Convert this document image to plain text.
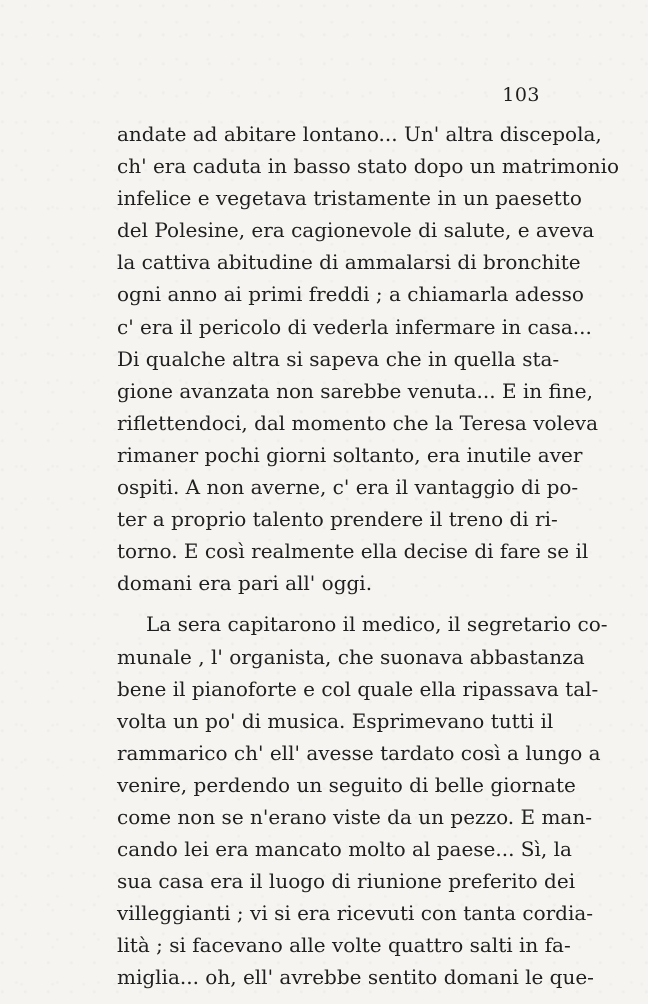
103
andate ad abitare lontano... Un' altra discepola,
ch' era caduta in basso stato dopo un matrimonio
infelice e vegetava tristamente in un paesetto
del Polesine, era cagionevole di salute, e aveva
la cattiva abitudine di ammalarsi di bronchite
ogni anno ai primi freddi ; a chiamarla adesso
c' era il pericolo di vederla infermare in casa...
Di qualche altra si sapeva che in quella sta-
gione avanzata non sarebbe venuta... E in fine,
riflettendoci, dal momento che la Teresa voleva
rimaner pochi giorni soltanto, era inutile aver
ospiti. A non averne, c' era il vantaggio di po-
ter a proprio talento prendere il treno di ri-
torno. E così realmente ella decise di fare se il
domani era pari all' oggi.
La sera capitarono il medico, il segretario co-
munale , l' organista, che suonava abbastanza
bene il pianoforte e col quale ella ripassava tal-
volta un po' di musica. Esprimevano tutti il
rammarico ch' ell' avesse tardato così a lungo a
venire, perdendo un seguito di belle giornate
come non se n'erano viste da un pezzo. E man-
cando lei era mancato molto al paese... Sì, la
sua casa era il luogo di riunione preferito dei
villeggianti ; vi si era ricevuti con tanta cordia-
lità ; si facevano alle volte quattro salti in fa-
miglia... oh, ell' avrebbe sentito domani le que-
